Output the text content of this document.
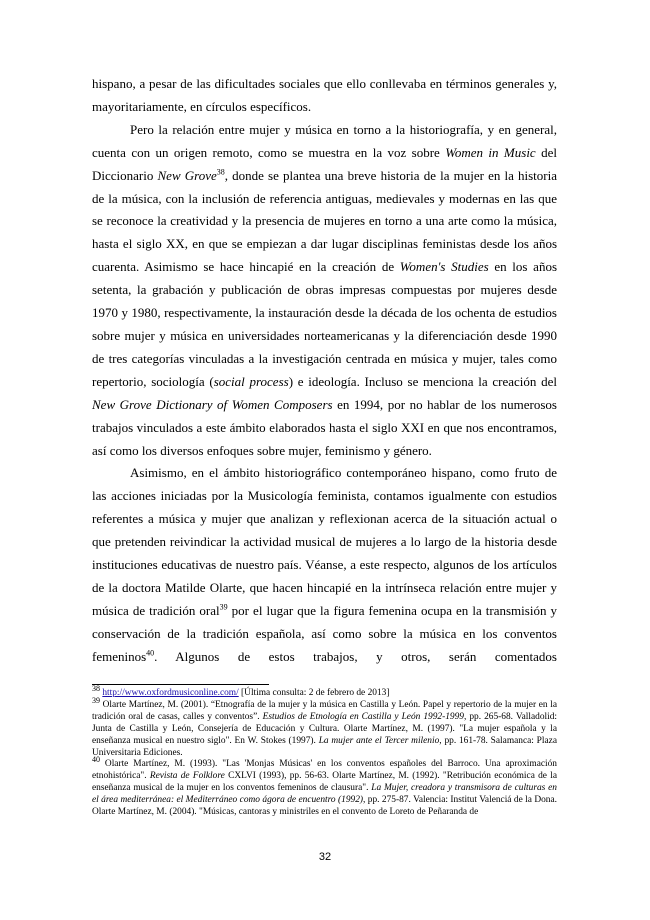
hispano, a pesar de las dificultades sociales que ello conllevaba en términos generales y, mayoritariamente, en círculos específicos.

Pero la relación entre mujer y música en torno a la historiografía, y en general, cuenta con un origen remoto, como se muestra en la voz sobre Women in Music del Diccionario New Grove$^{38}$, donde se plantea una breve historia de la mujer en la historia de la música, con la inclusión de referencia antiguas, medievales y modernas en las que se reconoce la creatividad y la presencia de mujeres en torno a una arte como la música, hasta el siglo XX, en que se empiezan a dar lugar disciplinas feministas desde los años cuarenta. Asimismo se hace hincapié en la creación de Women's Studies en los años setenta, la grabación y publicación de obras impresas compuestas por mujeres desde 1970 y 1980, respectivamente, la instauración desde la década de los ochenta de estudios sobre mujer y música en universidades norteamericanas y la diferenciación desde 1990 de tres categorías vinculadas a la investigación centrada en música y mujer, tales como repertorio, sociología (social process) e ideología. Incluso se menciona la creación del New Grove Dictionary of Women Composers en 1994, por no hablar de los numerosos trabajos vinculados a este ámbito elaborados hasta el siglo XXI en que nos encontramos, así como los diversos enfoques sobre mujer, feminismo y género.

Asimismo, en el ámbito historiográfico contemporáneo hispano, como fruto de las acciones iniciadas por la Musicología feminista, contamos igualmente con estudios referentes a música y mujer que analizan y reflexionan acerca de la situación actual o que pretenden reivindicar la actividad musical de mujeres a lo largo de la historia desde instituciones educativas de nuestro país. Véanse, a este respecto, algunos de los artículos de la doctora Matilde Olarte, que hacen hincapié en la intrínseca relación entre mujer y música de tradición oral$^{39}$ por el lugar que la figura femenina ocupa en la transmisión y conservación de la tradición española, así como sobre la música en los conventos femeninos$^{40}$. Algunos de estos trabajos, y otros, serán comentados

$^{38}$ http://www.oxfordmusiconline.com/ [Última consulta: 2 de febrero de 2013]

$^{39}$ Olarte Martínez, M. (2001). “Etnografía de la mujer y la música en Castilla y León. Papel y repertorio de la mujer en la tradición oral de casas, calles y conventos”. Estudios de Etnología en Castilla y León 1992-1999, pp. 265-68. Valladolid: Junta de Castilla y León, Consejería de Educación y Cultura. Olarte Martínez, M. (1997). "La mujer española y la enseñanza musical en nuestro siglo". En W. Stokes (1997). La mujer ante el Tercer milenio, pp. 161-78. Salamanca: Plaza Universitaria Ediciones.

$^{40}$ Olarte Martínez, M. (1993). "Las 'Monjas Músicas' en los conventos españoles del Barroco. Una aproximación etnohistórica". Revista de Folklore CXLVI (1993), pp. 56-63. Olarte Martínez, M. (1992). "Retribución económica de la enseñanza musical de la mujer en los conventos femeninos de clausura". La Mujer, creadora y transmisora de culturas en el área mediterránea: el Mediterráneo como ágora de encuentro (1992), pp. 275-87. Valencia: Institut Valenciá de la Dona. Olarte Martínez, M. (2004). "Músicas, cantoras y ministriles en el convento de Loreto de Peñaranda de

32
